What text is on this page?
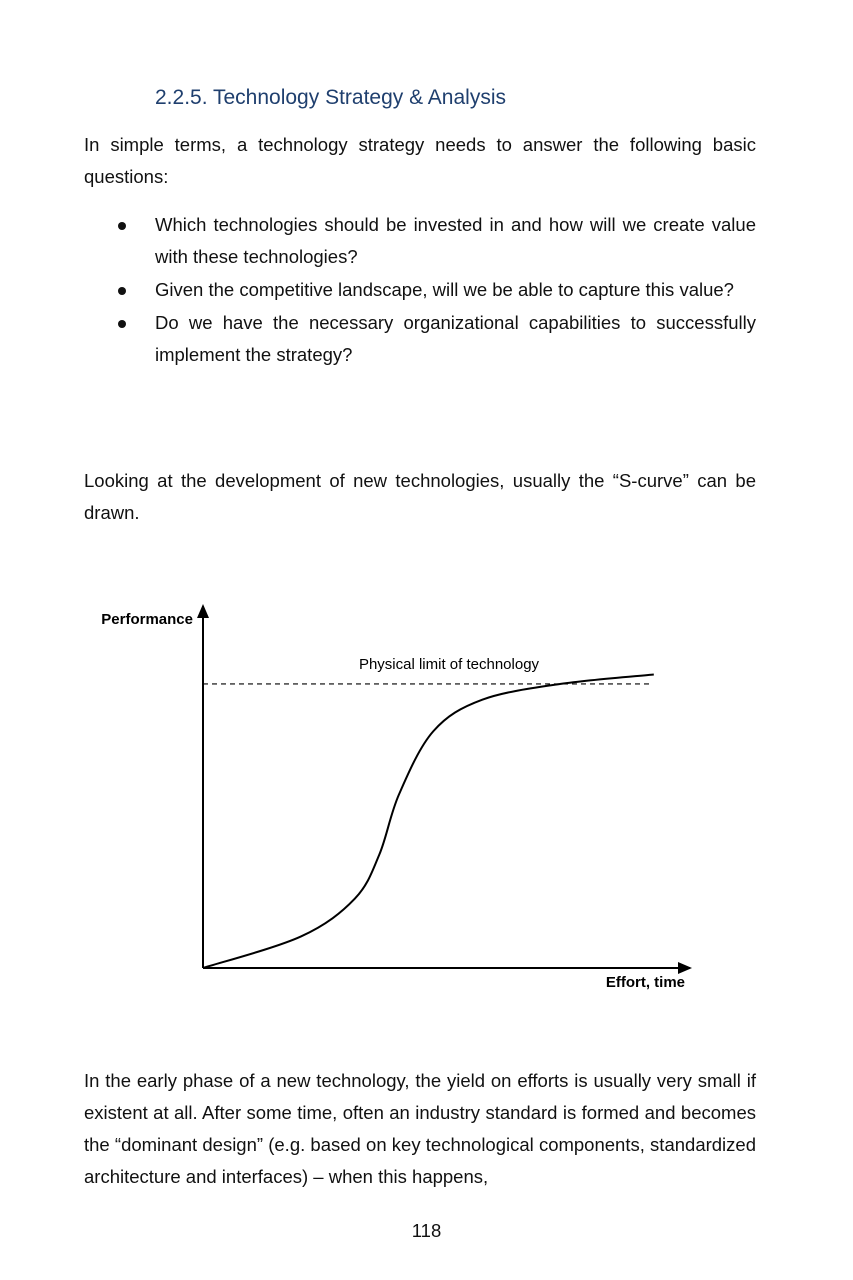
2.2.5. Technology Strategy & Analysis
In simple terms, a technology strategy needs to answer the following basic questions:
Which technologies should be invested in and how will we create value with these technologies?
Given the competitive landscape, will we be able to capture this value?
Do we have the necessary organizational capabilities to successfully implement the strategy?
Looking at the development of new technologies, usually the “S-curve” can be drawn.
Performance
Effort, time
Physical limit of technology
In the early phase of a new technology, the yield on efforts is usually very small if existent at all. After some time, often an industry standard is formed and becomes the “dominant design” (e.g. based on key technological components, standardized architecture and interfaces) – when this happens,
118
